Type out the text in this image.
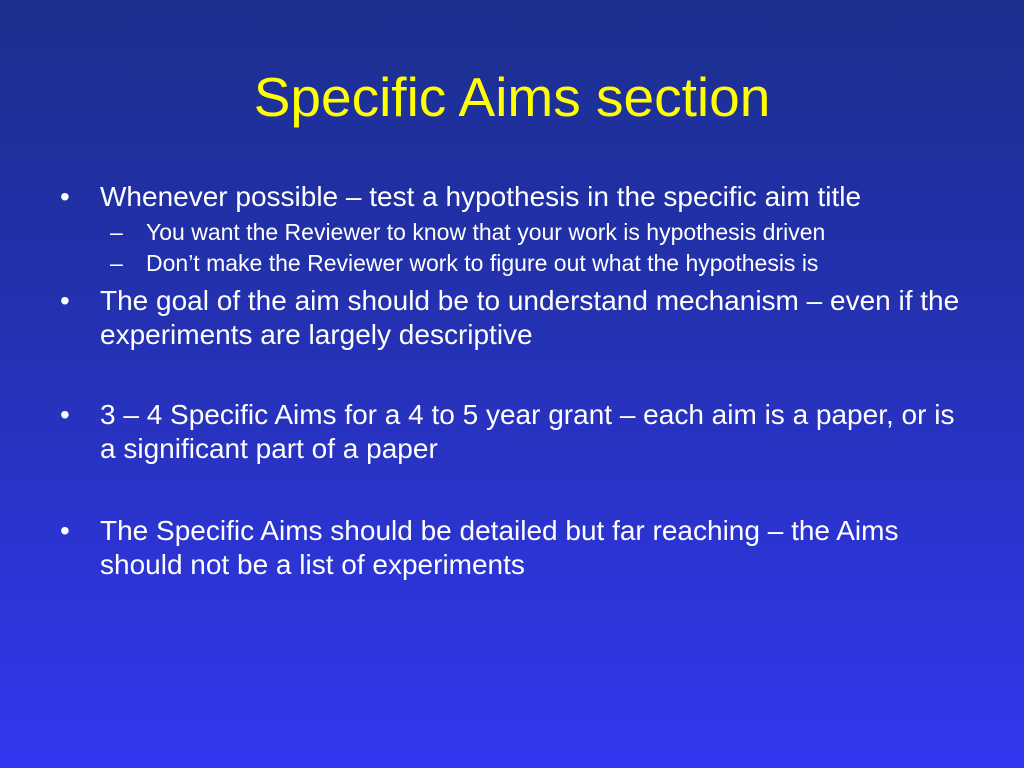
Specific Aims section
•	Whenever possible – test a hypothesis in the specific aim title
– You want the Reviewer to know that your work is hypothesis driven
– Don’t make the Reviewer work to figure out what the hypothesis is
•	The goal of the aim should be to understand mechanism – even if the experiments are largely descriptive
•	3 – 4 Specific Aims for a 4 to 5 year grant – each aim is a paper, or is a significant part of a paper
•	The Specific Aims should be detailed but far reaching – the Aims should not be a list of experiments
